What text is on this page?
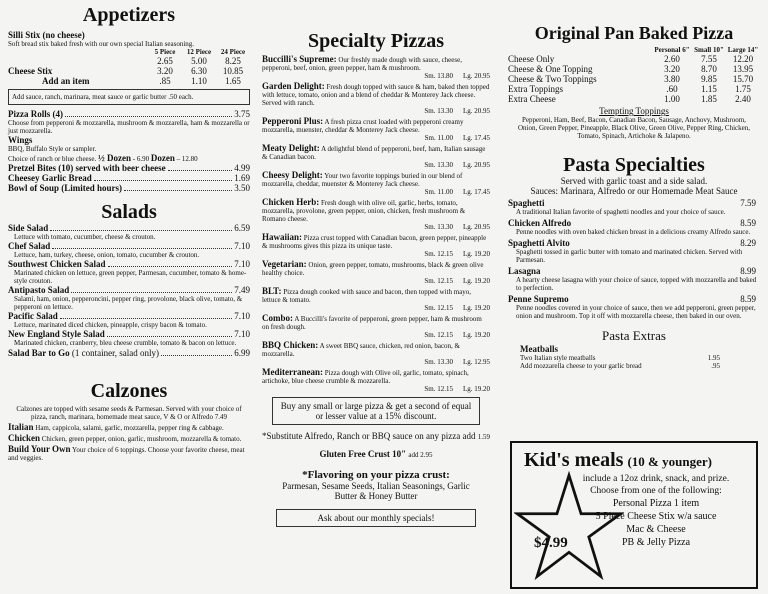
Appetizers
Silli Stix (no cheese)
Soft bread stix baked fresh with our own special Italian seasoning.
5 Piece	12 Piece	24 Piece
2.65	5.00	8.25
Cheese Stix	3.20	6.30	10.85
Add an item	.85	1.10	1.65
Add sauce, ranch, marinara, meat sauce or garlic butter .50 each.
Pizza Rolls (4)	3.75
Choose from pepperoni & mozzarella, mushroom & mozzarella, ham & mozzarella or just mozzarella.
Wings
BBQ, Buffalo Style or sampler.
Choice of ranch or blue cheese. ½ Dozen - 6.90 Dozen – 12.80
Pretzel Bites (10) served with beer cheese	4.99
Cheesey Garlic Bread	1.69
Bowl of Soup (Limited hours)	3.50
Salads
Side Salad	6.59
Lettuce with tomato, cucumber, cheese & crouton.
Chef Salad	7.10
Lettuce, ham, turkey, cheese, onion, tomato, cucumber & crouton.
Southwest Chicken Salad	7.10
Marinated chicken on lettuce, green pepper, Parmesan, cucumber, tomato & home-style crouton.
Antipasto Salad	7.49
Salami, ham, onion, pepperoncini, pepper ring, provolone, black olive, tomato, & pepperoni on lettuce.
Pacific Salad	7.10
Lettuce, marinated diced chicken, pineapple, crispy bacon & tomato.
New England Style Salad	7.10
Marinated chicken, cranberry, bleu cheese crumble, tomato & bacon on lettuce.
Salad Bar to Go (1 container, salad only)	6.99
Calzones
Calzones are topped with sesame seeds & Parmesan. Served with your choice of pizza, ranch, marinara, homemade meat sauce, V & O or Alfredo 7.49
Italian Ham, cappicola, salami, garlic, mozzarella, pepper ring & cabbage.
Chicken Chicken, green pepper, onion, garlic, mushroom, mozzarella & tomato.
Build Your Own Your choice of 6 toppings. Choose your favorite cheese, meat and veggies.
Specialty Pizzas
Buccilli's Supreme: Our freshly made dough with sauce, cheese, pepperoni, beef, onion, green pepper, ham & mushroom.
Sm. 13.80 Lg. 20.95
Garden Delight: Fresh dough topped with sauce & ham, baked then topped with lettuce, tomato, onion and a blend of cheddar & Monterey Jack cheese. Served with ranch.
Sm. 13.30 Lg. 20.95
Pepperoni Plus: A fresh pizza crust loaded with pepperoni creamy mozzarella, muenster, cheddar & Monterey Jack cheese.
Sm. 11.00 Lg. 17.45
Meaty Delight: A delightful blend of pepperoni, beef, ham, Italian sausage & Canadian bacon.
Sm. 13.30 Lg. 20.95
Cheesy Delight: Your two favorite toppings buried in our blend of mozzarella, cheddar, muenster & Monterey Jack cheese.
Sm. 11.00 Lg. 17.45
Chicken Herb: Fresh dough with olive oil, garlic, herbs, tomato, mozzarella, provolone, green pepper, onion, chicken, fresh mushroom & Romano cheese.
Sm. 13.30 Lg. 20.95
Hawaiian: Pizza crust topped with Canadian bacon, green pepper, pineapple & mushrooms gives this pizza its unique taste.
Sm. 12.15 Lg. 19.20
Vegetarian: Onion, green pepper, tomato, mushrooms, black & green olive healthy choice.
Sm. 12.15 Lg. 19.20
BLT: Pizza dough cooked with sauce and bacon, then topped with mayo, lettuce & tomato.
Sm. 12.15 Lg. 19.20
Combo: A Buccilli's favorite of pepperoni, green pepper, ham & mushroom on fresh dough.
Sm. 12.15 Lg. 19.20
BBQ Chicken: A sweet BBQ sauce, chicken, red onion, bacon, & mozzarella.
Sm. 13.30 Lg. 12.95
Mediterranean: Pizza dough with Olive oil, garlic, tomato, spinach, artichoke, blue cheese crumble & mozzarella.
Sm. 12.15 Lg. 19.20
Buy any small or large pizza & get a second of equal or lesser value at a 15% discount.
*Substitute Alfredo, Ranch or BBQ sauce on any pizza add 1.59
Gluten Free Crust 10" add 2.95
*Flavoring on your pizza crust:
Parmesan, Sesame Seeds, Italian Seasonings, Garlic Butter & Honey Butter
Ask about our monthly specials!
Original Pan Baked Pizza
Personal 6" Small 10" Large 14"
Cheese Only	2.60	7.55	12.20
Cheese & One Topping	3.20	8.70	13.95
Cheese & Two Toppings	3.80	9.85	15.70
Extra Toppings	.60	1.15	1.75
Extra Cheese	1.00	1.85	2.40
Tempting Toppings
Pepperoni, Ham, Beef, Bacon, Canadian Bacon, Sausage, Anchovy, Mushroom, Onion, Green Pepper, Pineapple, Black Olive, Green Olive, Pepper Ring, Chicken, Tomato, Spinach, Artichoke & Jalapeno.
Pasta Specialties
Served with garlic toast and a side salad.
Sauces: Marinara, Alfredo or our Homemade Meat Sauce
Spaghetti	7.59
A traditional Italian favorite of spaghetti noodles and your choice of sauce.
Chicken Alfredo	8.59
Penne noodles with oven baked chicken breast in a delicious creamy Alfredo sauce.
Spaghetti Alvito	8.29
Spaghetti tossed in garlic butter with tomato and marinated chicken. Served with Parmesan.
Lasagna	8.99
A hearty cheese lasagna with your choice of sauce, topped with mozzarella and baked to perfection.
Penne Supremo	8.59
Penne noodles covered in your choice of sauce, then we add pepperoni, green pepper, onion and mushroom. Top it off with mozzarella cheese, then baked in our oven.
Pasta Extras
Meatballs
Two Italian style meatballs	1.95
Add mozzarella cheese to your garlic bread	.95
$4.99
Kid's meals (10 & younger)
include a 12oz drink, snack, and prize.
Choose from one of the following:
Personal Pizza 1 item
5 Piece Cheese Stix w/a sauce
Mac & Cheese
PB & Jelly Pizza
